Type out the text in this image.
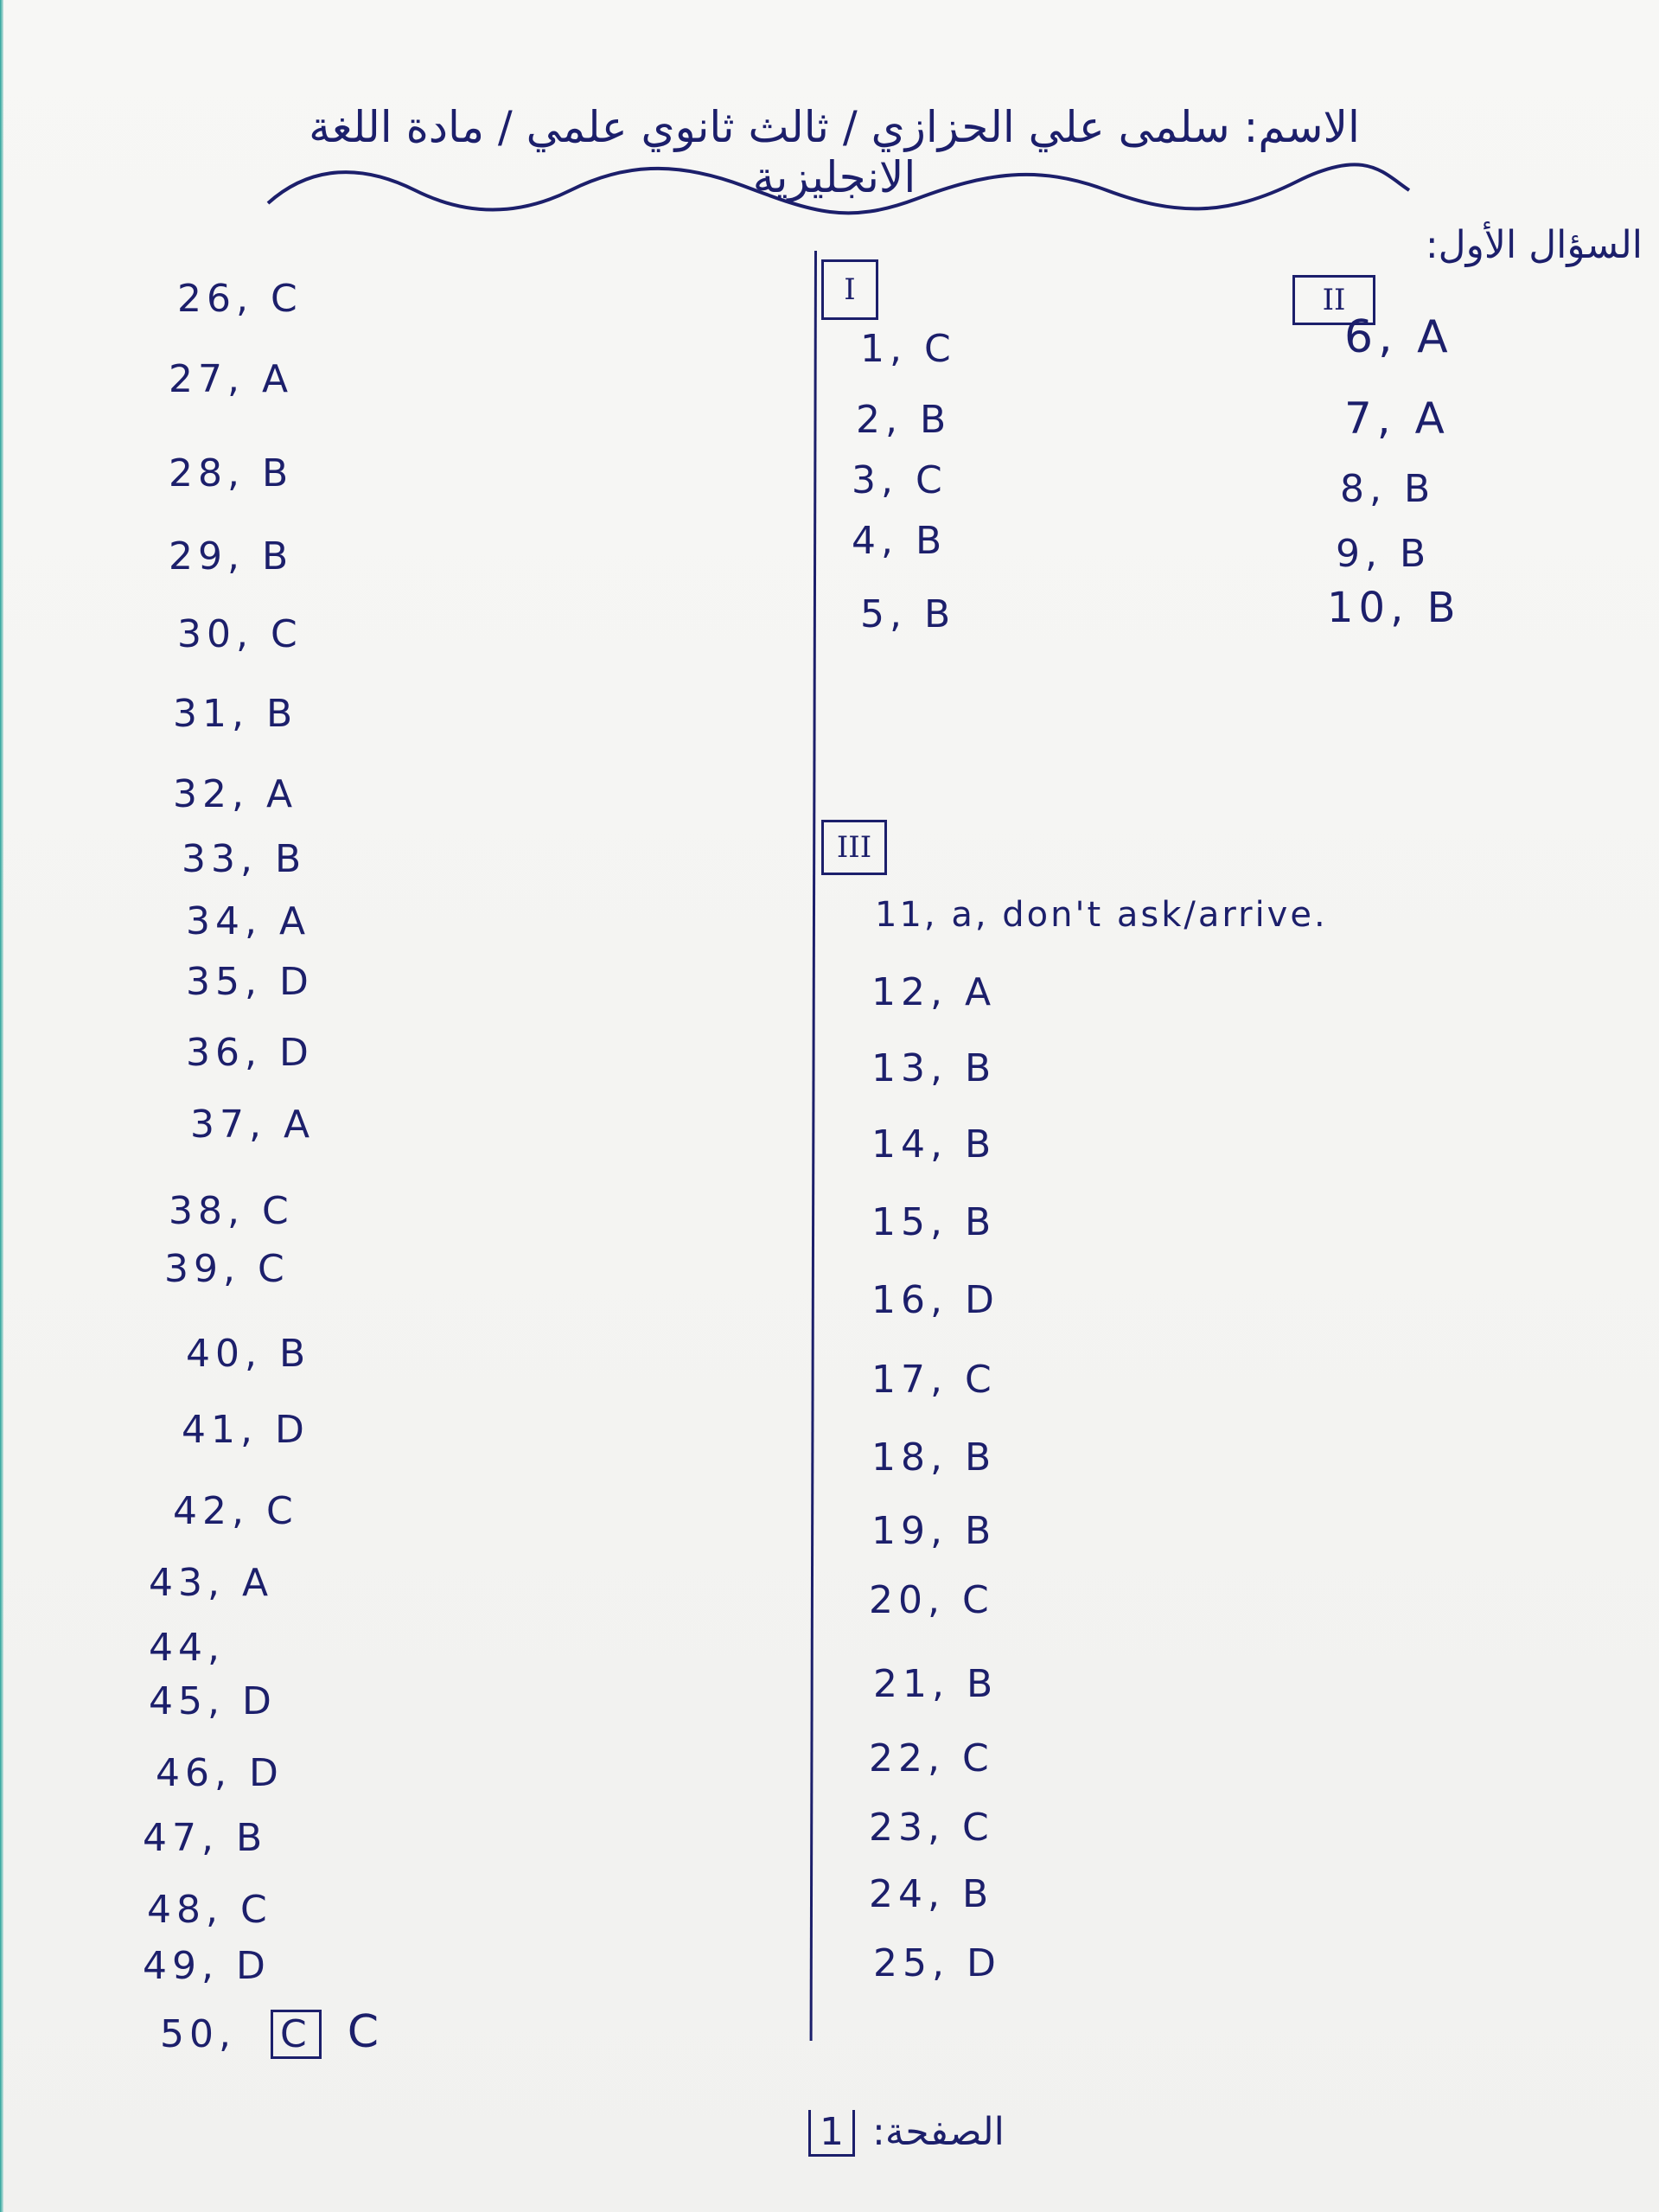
الاسم: سلمى علي الحزازي / ثالث ثانوي علمي / مادة اللغة الانجليزية
السؤال الأول:
I	II
III
26, C
27, A
28, B
29, B
30, C
31, B
32, A
33, B
34, A
35, D
36, D
37, A
38, C
39, C
40, B
41, D
42, C
43, A
44,
45, D
46, D
47, B
48, C
49, D
50, C C
1, C
2, B
3, C
4, B
5, B
6, A
7, A
8, B
9, B
10, B
11, a, don't ask/arrive.
12, A
13, B
14, B
15, B
16, D
17, C
18, B
19, B
20, C
21, B
22, C
23, C
24, B
25, D
الصفحة: 1
